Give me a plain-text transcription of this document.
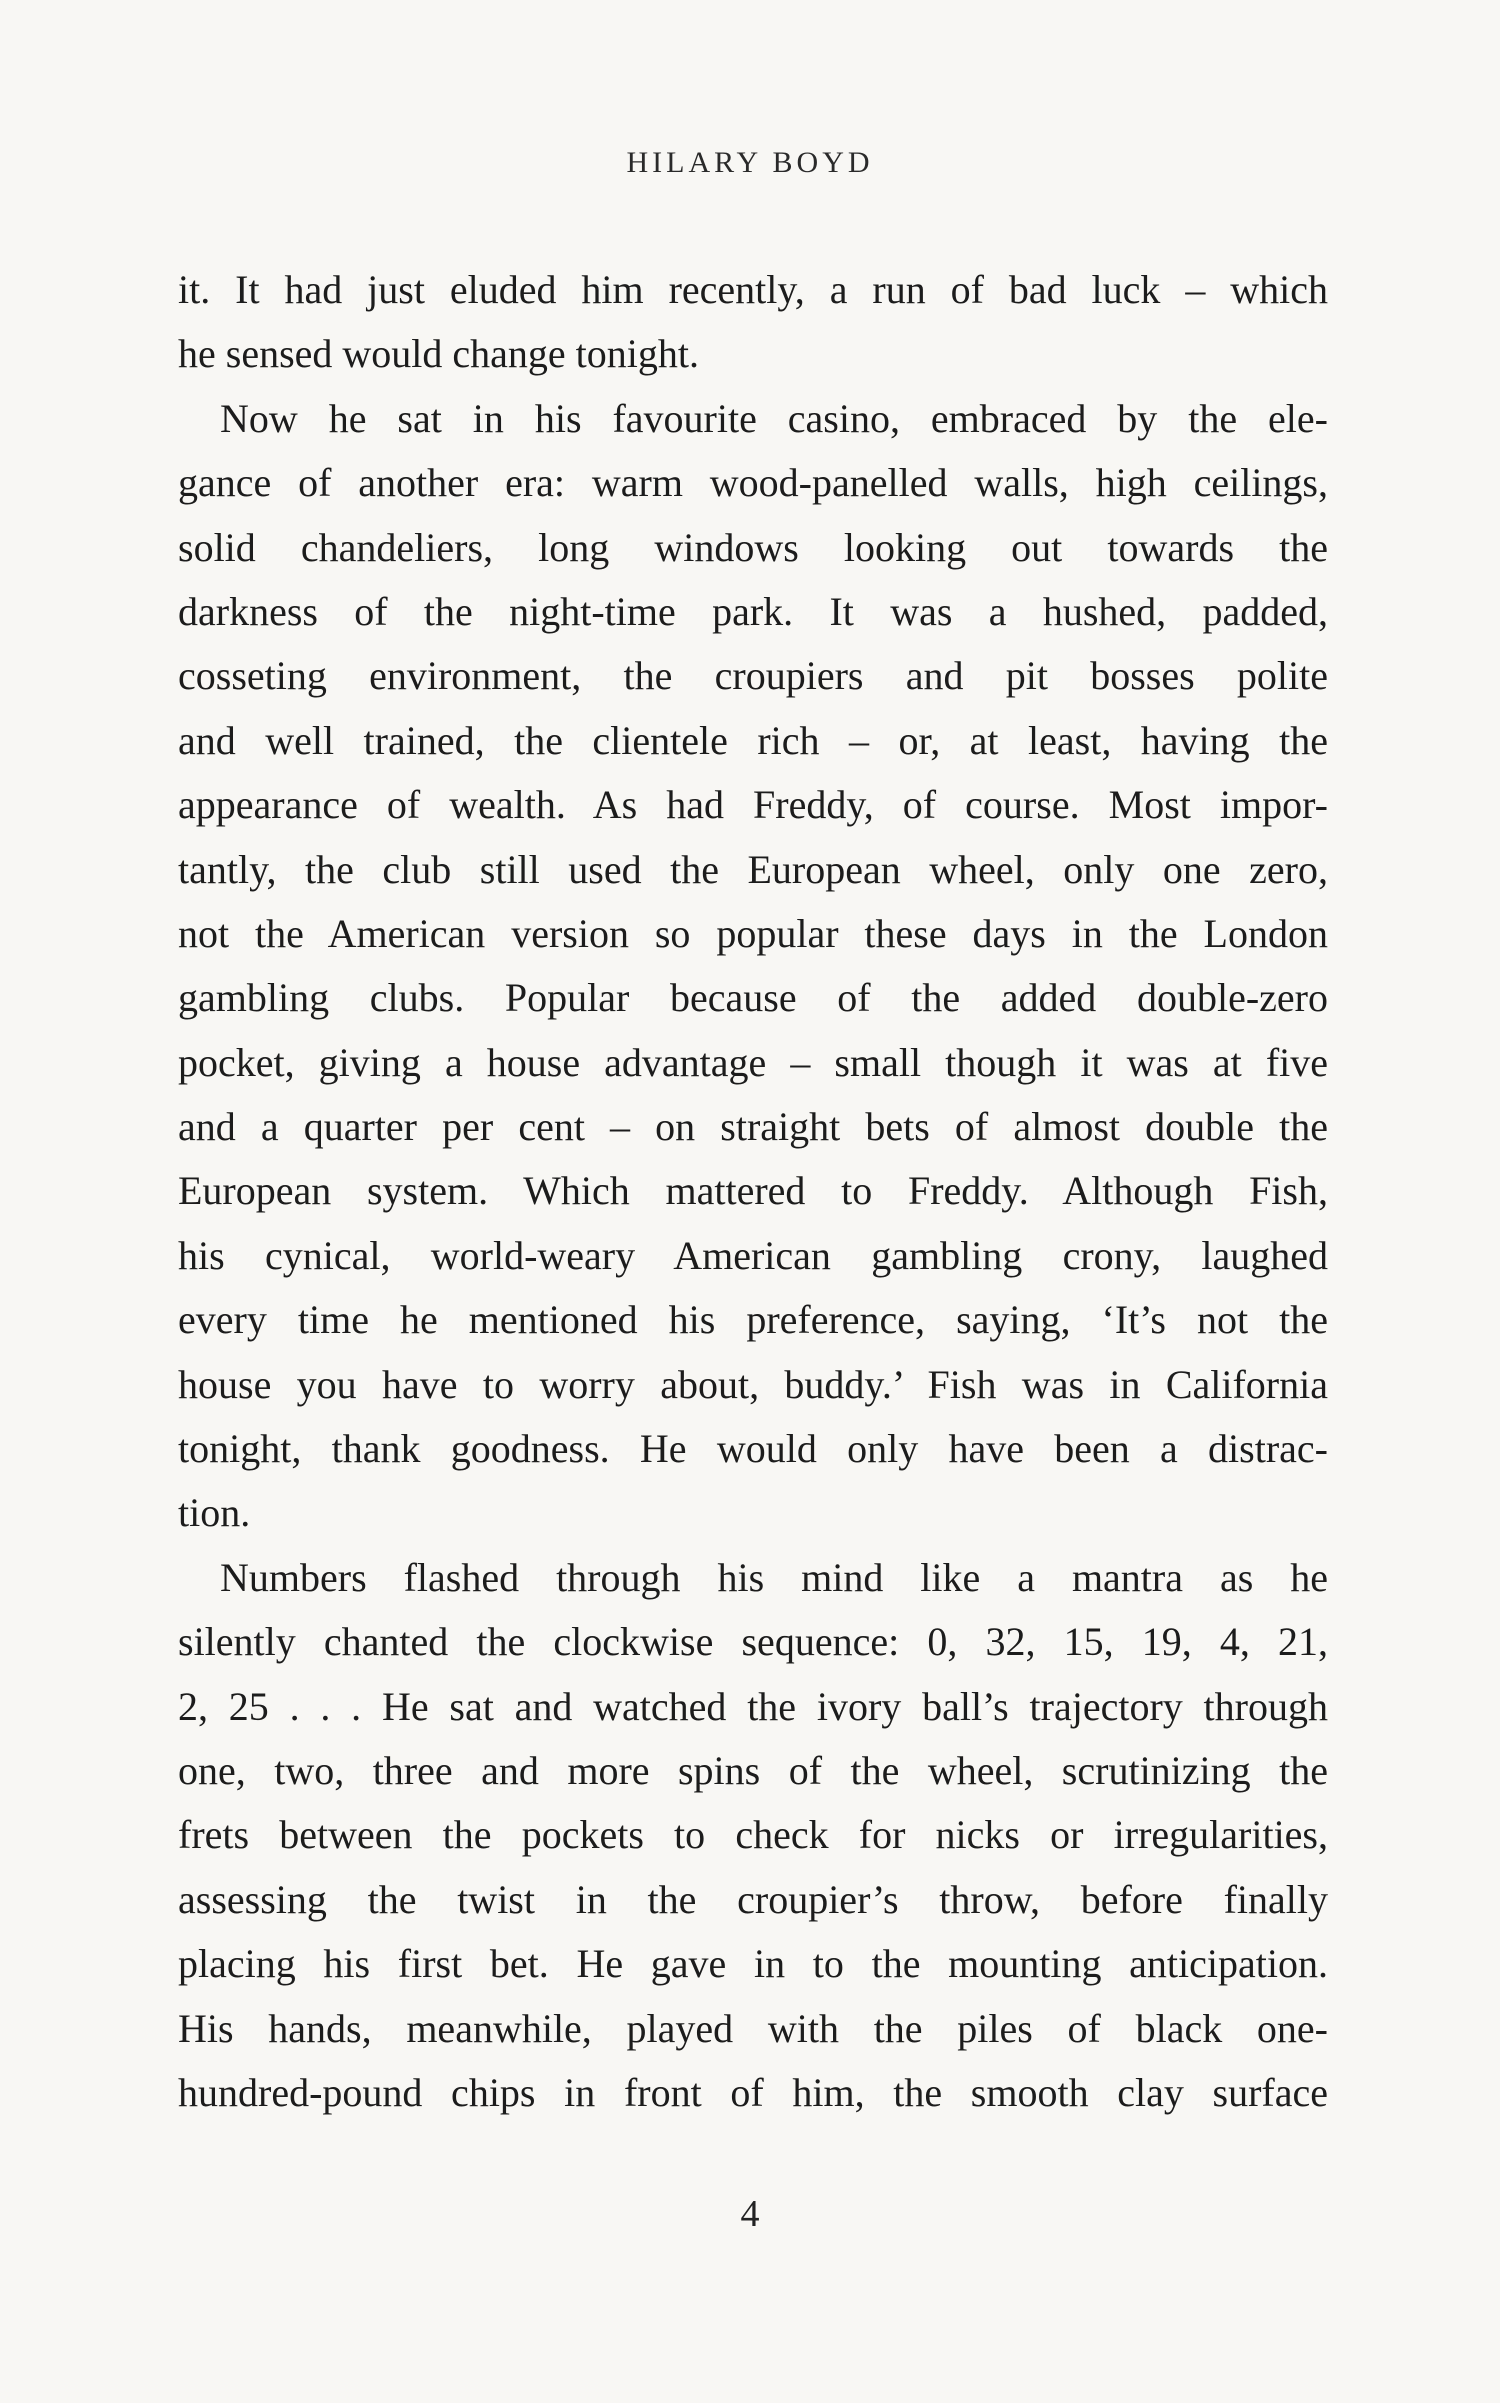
HILARY BOYD
it. It had just eluded him recently, a run of bad luck – which
he sensed would change tonight.
Now he sat in his favourite casino, embraced by the ele-
gance of another era: warm wood-panelled walls, high ceilings,
solid chandeliers, long windows looking out towards the
darkness of the night-time park. It was a hushed, padded,
cosseting environment, the croupiers and pit bosses polite
and well trained, the clientele rich – or, at least, having the
appearance of wealth. As had Freddy, of course. Most impor-
tantly, the club still used the European wheel, only one zero,
not the American version so popular these days in the London
gambling clubs. Popular because of the added double-zero
pocket, giving a house advantage – small though it was at five
and a quarter per cent – on straight bets of almost double the
European system. Which mattered to Freddy. Although Fish,
his cynical, world-weary American gambling crony, laughed
every time he mentioned his preference, saying, ‘It’s not the
house you have to worry about, buddy.’ Fish was in California
tonight, thank goodness. He would only have been a distrac-
tion.
Numbers flashed through his mind like a mantra as he
silently chanted the clockwise sequence: 0, 32, 15, 19, 4, 21,
2, 25 . . . He sat and watched the ivory ball’s trajectory through
one, two, three and more spins of the wheel, scrutinizing the
frets between the pockets to check for nicks or irregularities,
assessing the twist in the croupier’s throw, before finally
placing his first bet. He gave in to the mounting anticipation.
His hands, meanwhile, played with the piles of black one-
hundred-pound chips in front of him, the smooth clay surface
4
